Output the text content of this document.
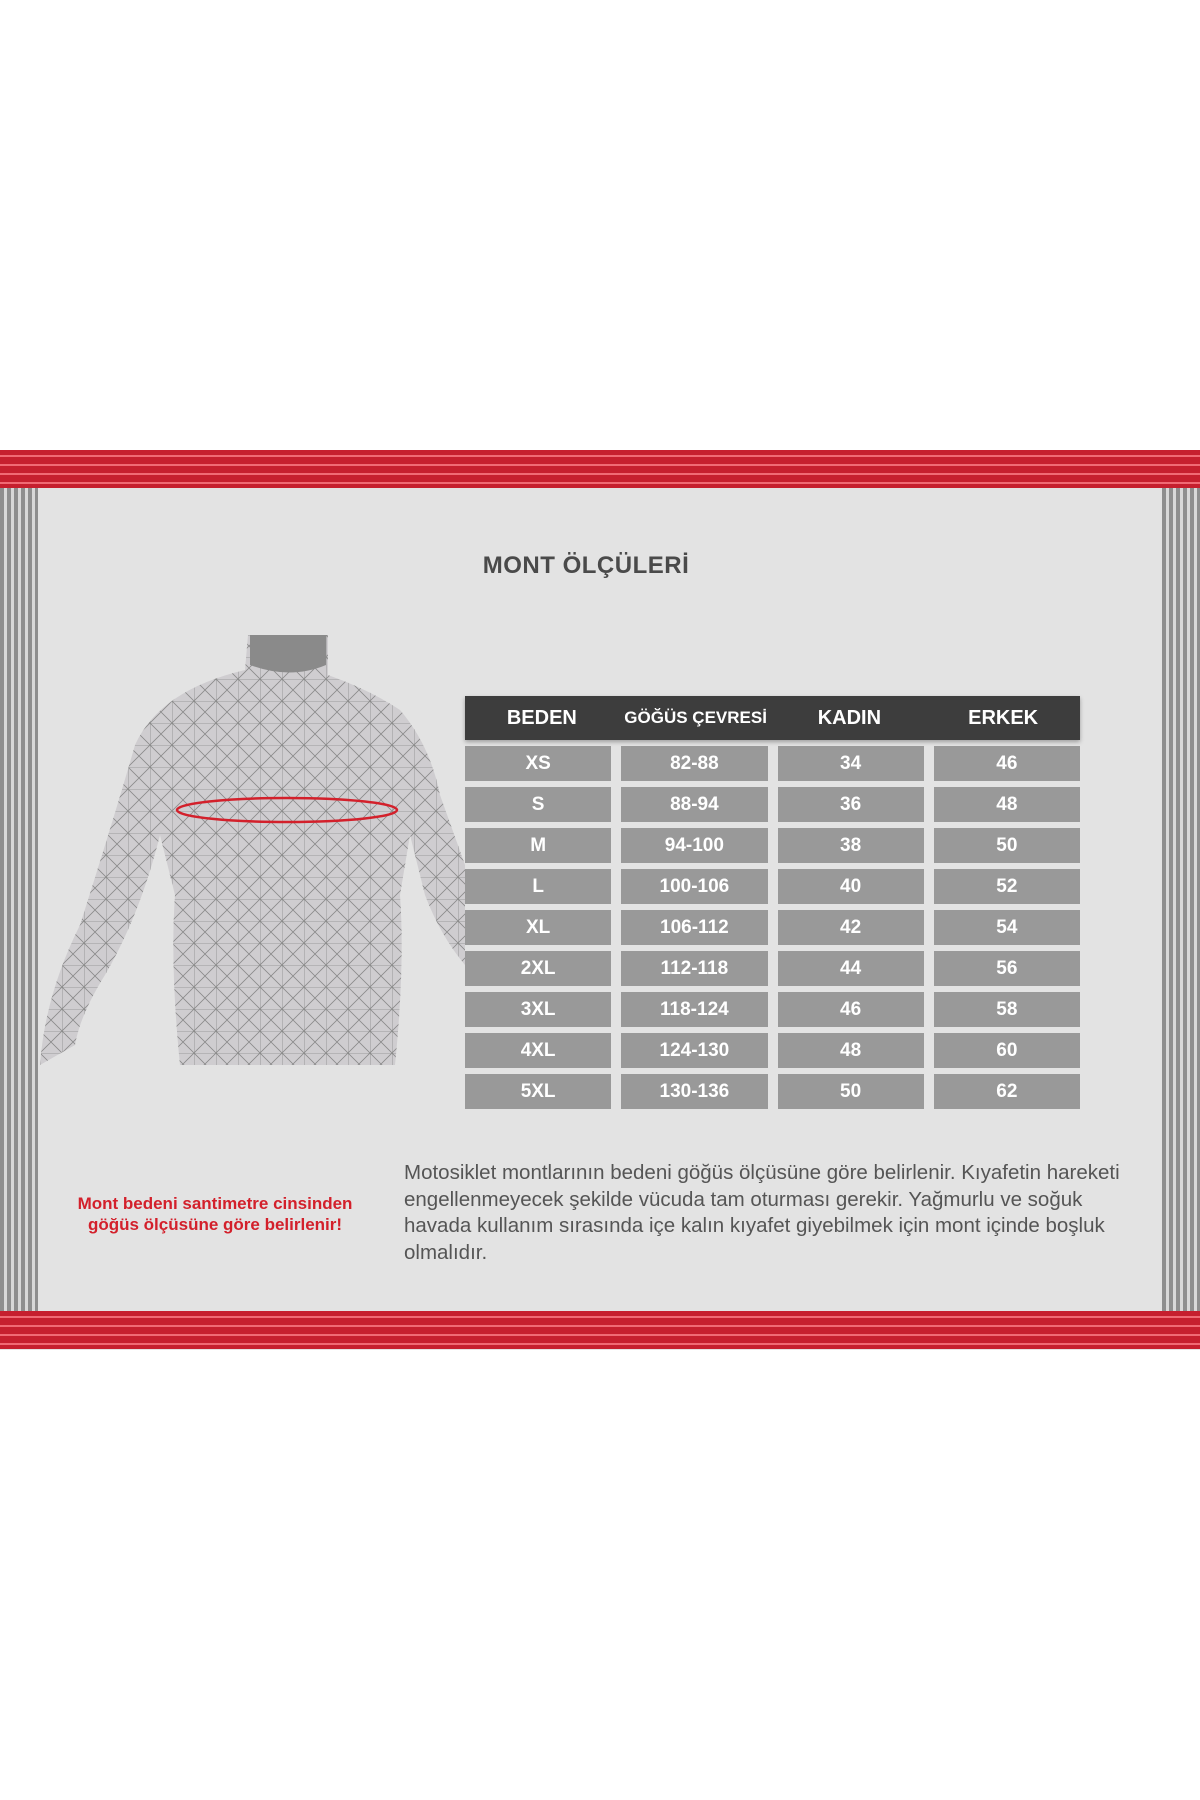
MONT ÖLÇÜLERİ
BEDEN	GÖĞÜS ÇEVRESİ	KADIN	ERKEK
XS	82-88	34	46
S	88-94	36	48
M	94-100	38	50
L	100-106	40	52
XL	106-112	42	54
2XL	112-118	44	56
3XL	118-124	46	58
4XL	124-130	48	60
5XL	130-136	50	62
Mont bedeni santimetre cinsinden göğüs ölçüsüne göre belirlenir!
Motosiklet montlarının bedeni göğüs ölçüsüne göre belirlenir. Kıyafetin hareketi engellenmeyecek şekilde vücuda tam oturması gerekir. Yağmurlu ve soğuk havada kullanım sırasında içe kalın kıyafet giyebilmek için mont içinde boşluk olmalıdır.
